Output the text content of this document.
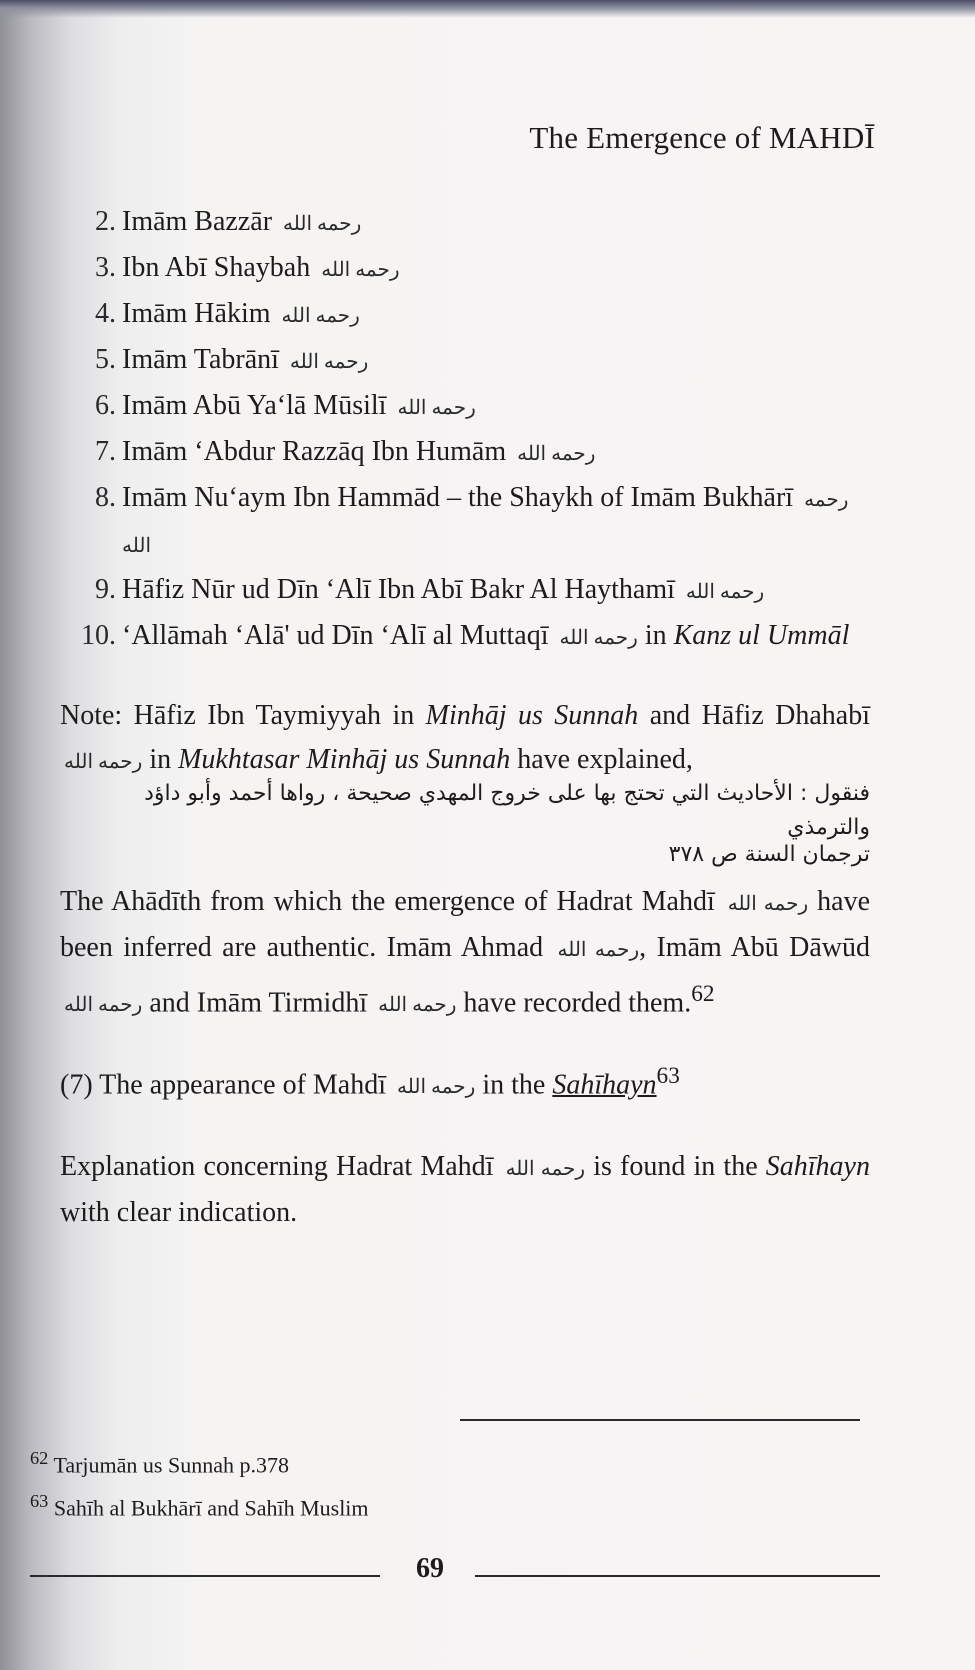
The Emergence of MAHDĪ
2. Imām Bazzār رحمه الله
3. Ibn Abī Shaybah رحمه الله
4. Imām Hākim رحمه الله
5. Imām Tabrānī رحمه الله
6. Imām Abū Ya‘lā Mūsilī رحمه الله
7. Imām ‘Abdur Razzāq Ibn Humām رحمه الله
8. Imām Nu‘aym Ibn Hammād – the Shaykh of Imām Bukhārī رحمه الله
9. Hāfiz Nūr ud Dīn ‘Alī Ibn Abī Bakr Al Haythamī رحمه الله
10. ‘Allāmah ‘Alā' ud Dīn ‘Alī al Muttaqī رحمه الله in Kanz ul Ummāl
Note: Hāfiz Ibn Taymiyyah in Minhāj us Sunnah and Hāfiz Dhahabī رحمه الله in Mukhtasar Minhāj us Sunnah have explained,
فنقول : الأحاديث التي تحتج بها على خروج المهدي صحيحة ، رواها أحمد وأبو داؤد والترمذي
ترجمان السنة ص ٣٧٨
The Ahādīth from which the emergence of Hadrat Mahdī رحمه الله have been inferred are authentic. Imām Ahmad رحمه الله, Imām Abū Dāwūd رحمه الله and Imām Tirmidhī رحمه الله have recorded them.$^{62}$
(7) The appearance of Mahdī رحمه الله in the Sahīhayn$^{63}$
Explanation concerning Hadrat Mahdī رحمه الله is found in the Sahīhayn with clear indication.
$^{62}$ Tarjumān us Sunnah p.378
$^{63}$ Sahīh al Bukhārī and Sahīh Muslim
69
